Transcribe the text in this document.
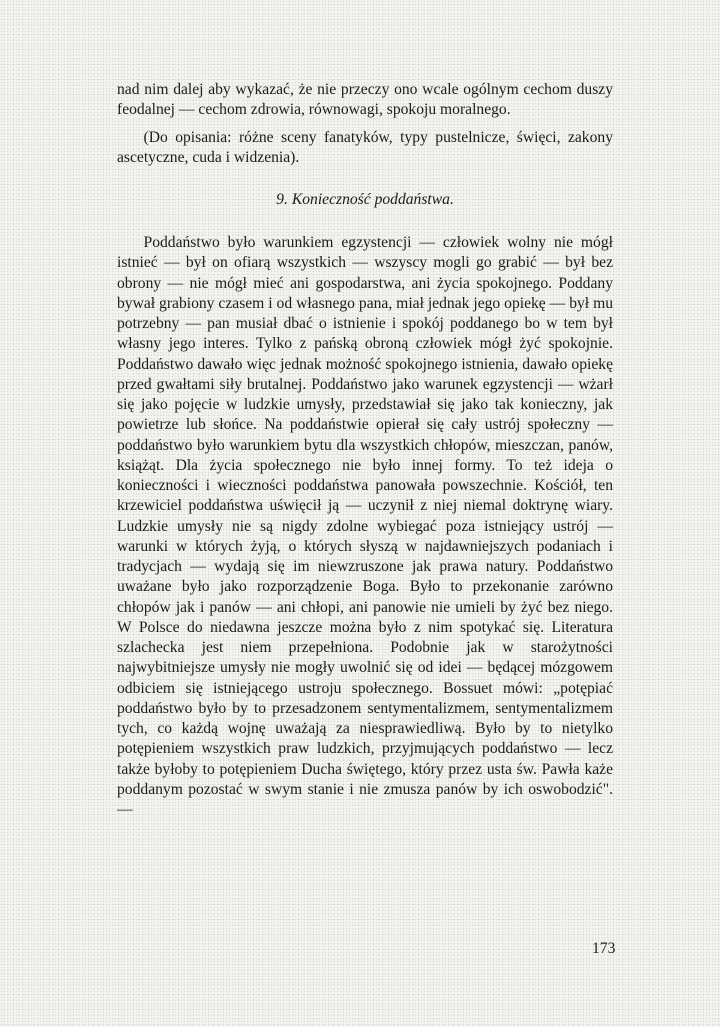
nad nim dalej aby wykazać, że nie przeczy ono wcale ogólnym cechom duszy feodalnej — cechom zdrowia, równowagi, spokoju moralnego.

(Do opisania: różne sceny fanatyków, typy pustelnicze, święci, zakony ascetyczne, cuda i widzenia).

9. Konieczność poddaństwa.

Poddaństwo było warunkiem egzystencji — człowiek wolny nie mógł istnieć — był on ofiarą wszystkich — wszyscy mogli go grabić — był bez obrony — nie mógł mieć ani gospodarstwa, ani życia spokojnego. Poddany bywał grabiony czasem i od własnego pana, miał jednak jego opiekę — był mu potrzebny — pan musiał dbać o istnienie i spokój poddanego bo w tem był własny jego interes. Tylko z pańską obroną człowiek mógł żyć spokojnie. Poddaństwo dawało więc jednak możność spokojnego istnienia, dawało opiekę przed gwałtami siły brutalnej. Poddaństwo jako warunek egzystencji — wżarł się jako pojęcie w ludzkie umysły, przedstawiał się jako tak konieczny, jak powietrze lub słońce. Na poddaństwie opierał się cały ustrój społeczny — poddaństwo było warunkiem bytu dla wszystkich chłopów, mieszczan, panów, książąt. Dla życia społecznego nie było innej formy. To też ideja o konieczności i wieczności poddaństwa panowała powszechnie. Kościół, ten krzewiciel poddaństwa uświęcił ją — uczynił z niej niemal doktrynę wiary. Ludzkie umysły nie są nigdy zdolne wybiegać poza istniejący ustrój — warunki w których żyją, o których słyszą w najdawniejszych podaniach i tradycjach — wydają się im niewzruszone jak prawa natury. Poddaństwo uważane było jako rozporządzenie Boga. Było to przekonanie zarówno chłopów jak i panów — ani chłopi, ani panowie nie umieli by żyć bez niego. W Polsce do niedawna jeszcze można było z nim spotykać się. Literatura szlachecka jest niem przepełniona. Podobnie jak w starożytności najwybitniejsze umysły nie mogły uwolnić się od idei — będącej mózgowem odbiciem się istniejącego ustroju społecznego. Bossuet mówi: „potępiać poddaństwo było by to przesadzonem sentymentalizmem, sentymentalizmem tych, co każdą wojnę uważają za niesprawiedliwą. Było by to nietylko potępieniem wszystkich praw ludzkich, przyjmujących poddaństwo — lecz także byłoby to potępieniem Ducha świętego, który przez usta św. Pawła każe poddanym pozostać w swym stanie i nie zmusza panów by ich oswobodzić". —

173
